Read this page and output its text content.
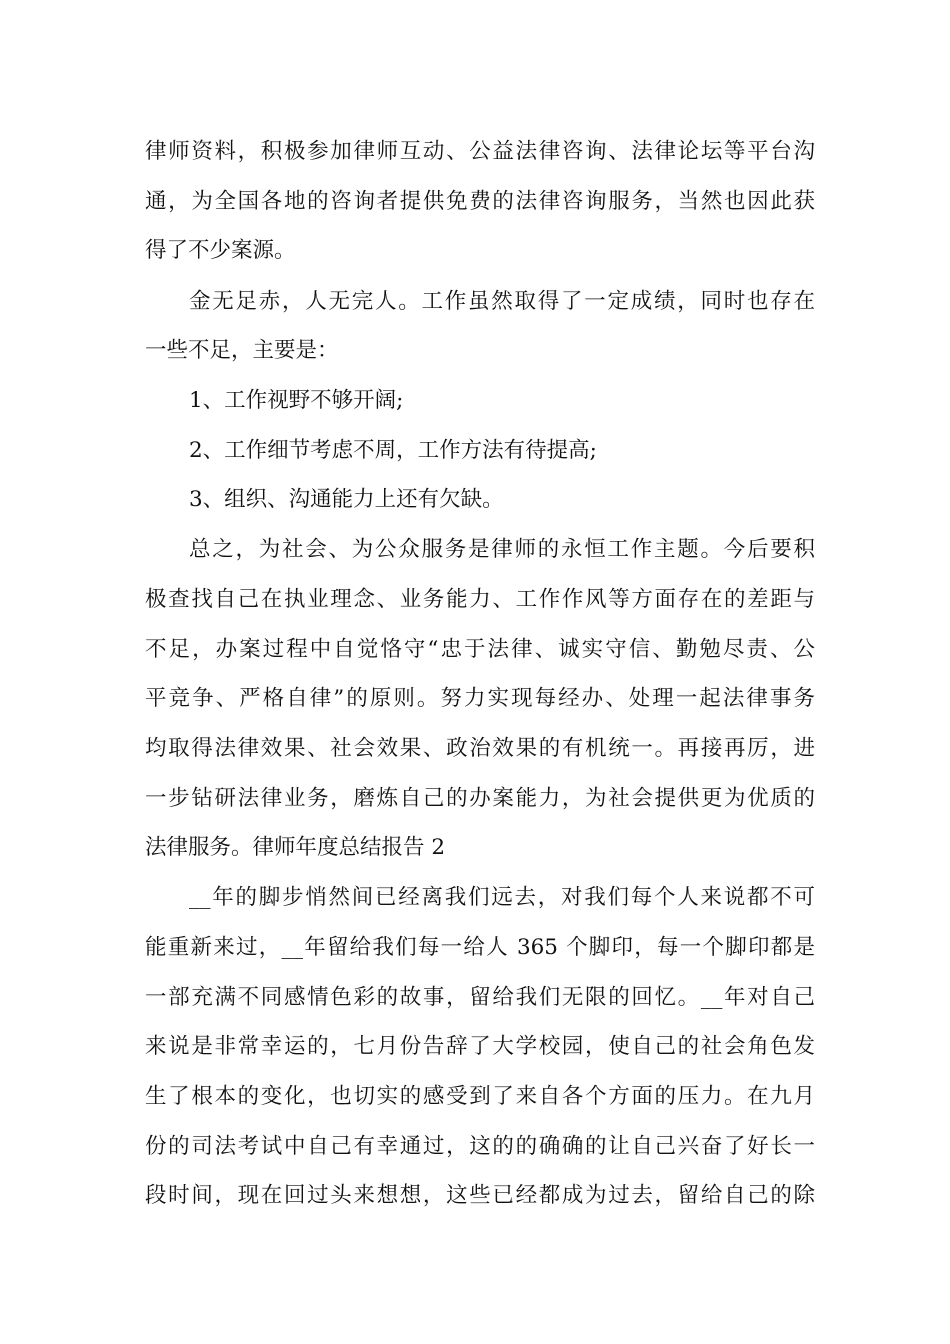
律师资料，积极参加律师互动、公益法律咨询、法律论坛等平台沟
通，为全国各地的咨询者提供免费的法律咨询服务，当然也因此获
得了不少案源。
金无足赤，人无完人。工作虽然取得了一定成绩，同时也存在
一些不足，主要是：
1、工作视野不够开阔;
2、工作细节考虑不周，工作方法有待提高;
3、组织、沟通能力上还有欠缺。
总之，为社会、为公众服务是律师的永恒工作主题。今后要积
极查找自己在执业理念、业务能力、工作作风等方面存在的差距与
不足，办案过程中自觉恪守“忠于法律、诚实守信、勤勉尽责、公
平竞争、严格自律”的原则。努力实现每经办、处理一起法律事务
均取得法律效果、社会效果、政治效果的有机统一。再接再厉，进
一步钻研法律业务，磨炼自己的办案能力，为社会提供更为优质的
法律服务。律师年度总结报告 2
__年的脚步悄然间已经离我们远去，对我们每个人来说都不可
能重新来过，__年留给我们每一给人 365 个脚印，每一个脚印都是
一部充满不同感情色彩的故事，留给我们无限的回忆。__年对自己
来说是非常幸运的，七月份告辞了大学校园，使自己的社会角色发
生了根本的变化，也切实的感受到了来自各个方面的压力。在九月
份的司法考试中自己有幸通过，这的的确确的让自己兴奋了好长一
段时间，现在回过头来想想，这些已经都成为过去，留给自己的除
